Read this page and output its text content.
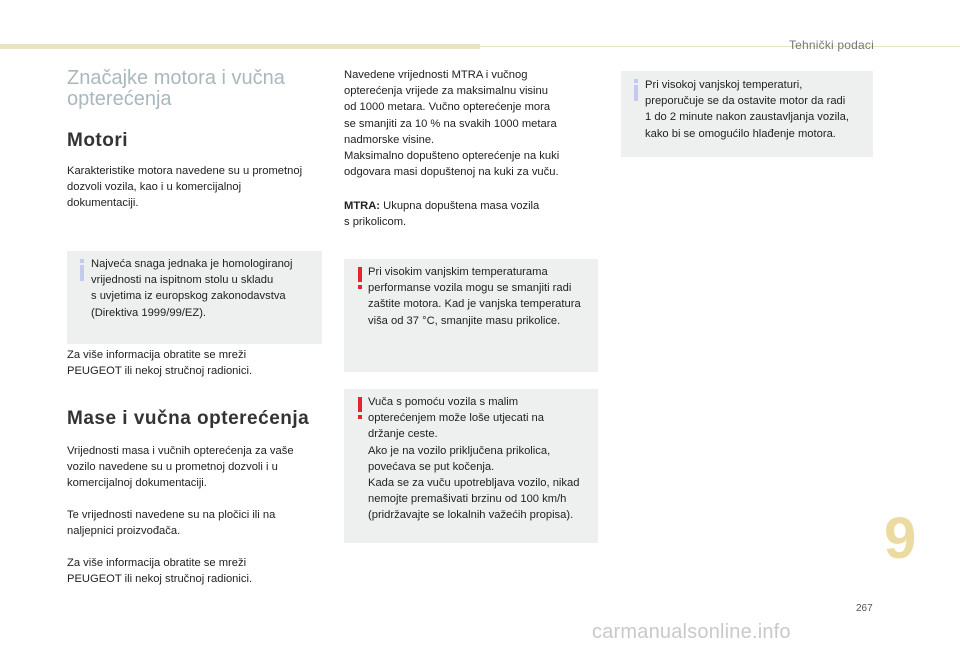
Tehnički podaci
Značajke motora i vučna
opterećenja
Motori
Karakteristike motora navedene su u prometnoj
dozvoli vozila, kao i u komercijalnoj
dokumentaciji.
Najveća snaga jednaka je homologiranoj
vrijednosti na ispitnom stolu u skladu
s uvjetima iz europskog zakonodavstva
(Direktiva 1999/99/EZ).
Za više informacija obratite se mreži
PEUGEOT ili nekoj stručnoj radionici.
Mase i vučna opterećenja
Vrijednosti masa i vučnih opterećenja za vaše
vozilo navedene su u prometnoj dozvoli i u
komercijalnoj dokumentaciji.
Te vrijednosti navedene su na pločici ili na
naljepnici proizvođača.
Za više informacija obratite se mreži
PEUGEOT ili nekoj stručnoj radionici.
Navedene vrijednosti MTRA i vučnog
opterećenja vrijede za maksimalnu visinu
od 1000 metara. Vučno opterećenje mora
se smanjiti za 10 % na svakih 1000 metara
nadmorske visine.
Maksimalno dopušteno opterećenje na kuki
odgovara masi dopuštenoj na kuki za vuču.
MTRA: Ukupna dopuštena masa vozila
s prikolicom.
Pri visokim vanjskim temperaturama
performanse vozila mogu se smanjiti radi
zaštite motora. Kad je vanjska temperatura
viša od 37 °C, smanjite masu prikolice.
Vuča s pomoću vozila s malim
opterećenjem može loše utjecati na
držanje ceste.
Ako je na vozilo priključena prikolica,
povećava se put kočenja.
Kada se za vuču upotrebljava vozilo, nikad
nemojte premašivati brzinu od 100 km/h
(pridržavajte se lokalnih važećih propisa).
Pri visokoj vanjskoj temperaturi,
preporučuje se da ostavite motor da radi
1 do 2 minute nakon zaustavljanja vozila,
kako bi se omogućilo hlađenje motora.
9
267
carmanualsonline.info
